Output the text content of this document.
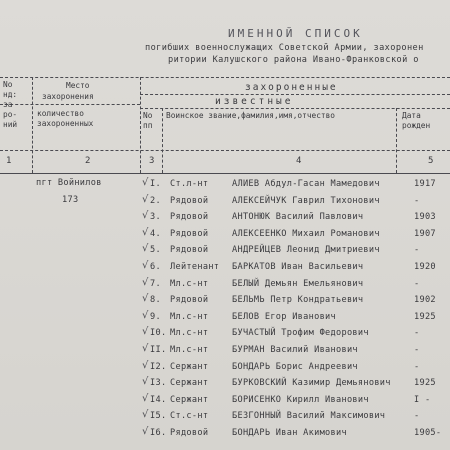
ИМЕННОЙ СПИСОК
погибших военнослужащих Советской Армии, захоронен
ритории Калушского района Ивано-Франковской о
No
нд:
за
ро-
ний
Место
захоронения
количество
захороненных
захороненные
известные
No
пп
Воинское звание,фамилия,имя,отчество	Дата
рожден
1	2	3	4	5
пгт Войнилов
173
√ I. Ст.л-нт	АЛИЕВ Абдул-Гасан Мамедович	1917
√ 2. Рядовой	АЛЕКСЕЙЧУК Гаврил Тихонович	-
√ 3. Рядовой	АНТОНЮК Василий Павлович	1903
√ 4. Рядовой	АЛЕКСЕЕНКО Михаил Романович	1907
√ 5. Рядовой	АНДРЕЙЦЕВ Леонид Дмитриевич	-
√ 6. Лейтенант БАРКАТОВ Иван Васильевич	1920
√ 7. Мл.с-нт	БЕЛЫЙ Демьян Емельянович	-
√ 8. Рядовой	БЕЛЬМЬ Петр Кондратьевич	1902
√ 9. Мл.с-нт	БЕЛОВ Егор Иванович	1925
√ I0. Мл.с-нт	БУЧАСТЫЙ Трофим Федорович	-
√ II. Мл.с-нт	БУРМАН Василий Иванович	-
√ I2. Сержант	БОНДАРЬ Борис Андреевич	-
√ I3. Сержант	БУРКОВСКИЙ Казимир Демьянович	1925
√ I4. Сержант	БОРИСЕНКО Кирилл Иванович	I -
√ I5. Ст.с-нт	БЕЗГОННЫЙ Василий Максимович	-
√ I6. Рядовой	БОНДАРЬ Иван Акимович	1905-
